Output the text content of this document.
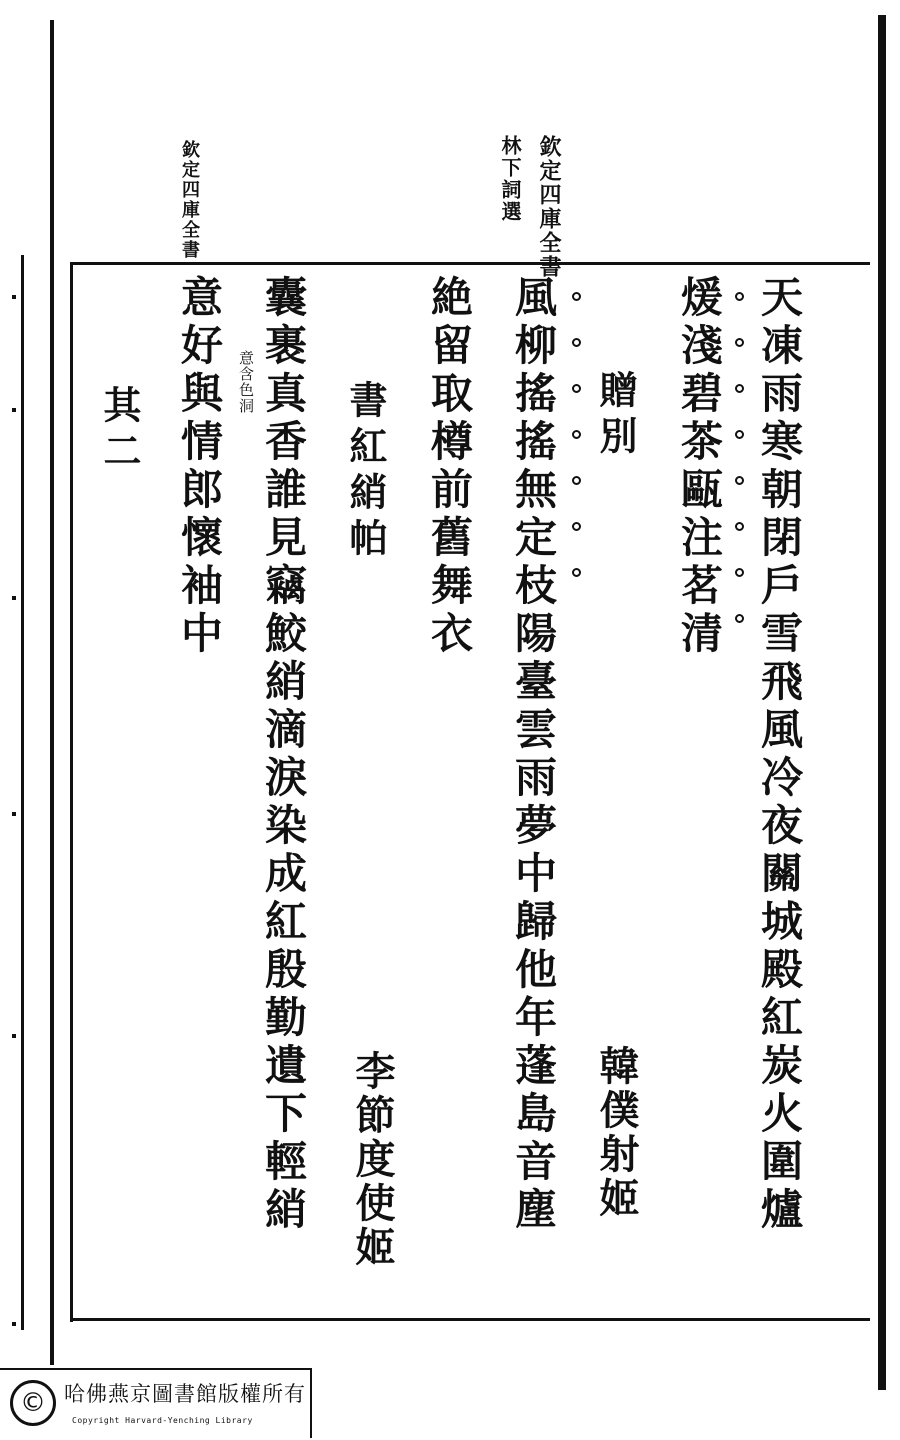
欽定四庫全書
林下詞選
欽定四庫全書
天凍雨寒朝閉戶雪飛風冷夜關城殿紅炭火圍爐
煖淺碧茶甌注茗清
贈別
韓僕射姬
風柳搖搖無定枝陽臺雲雨夢中歸他年蓬島音塵
絶留取樽前舊舞衣
書紅綃帕
李節度使姬
囊裹真香誰見竊鮫綃滴淚染成紅殷勤遺下輕綃
意好與情郎懷袖中 意含色洞
其二
© 哈佛燕京圖書館版權所有
Copyright Harvard-Yenching Library
